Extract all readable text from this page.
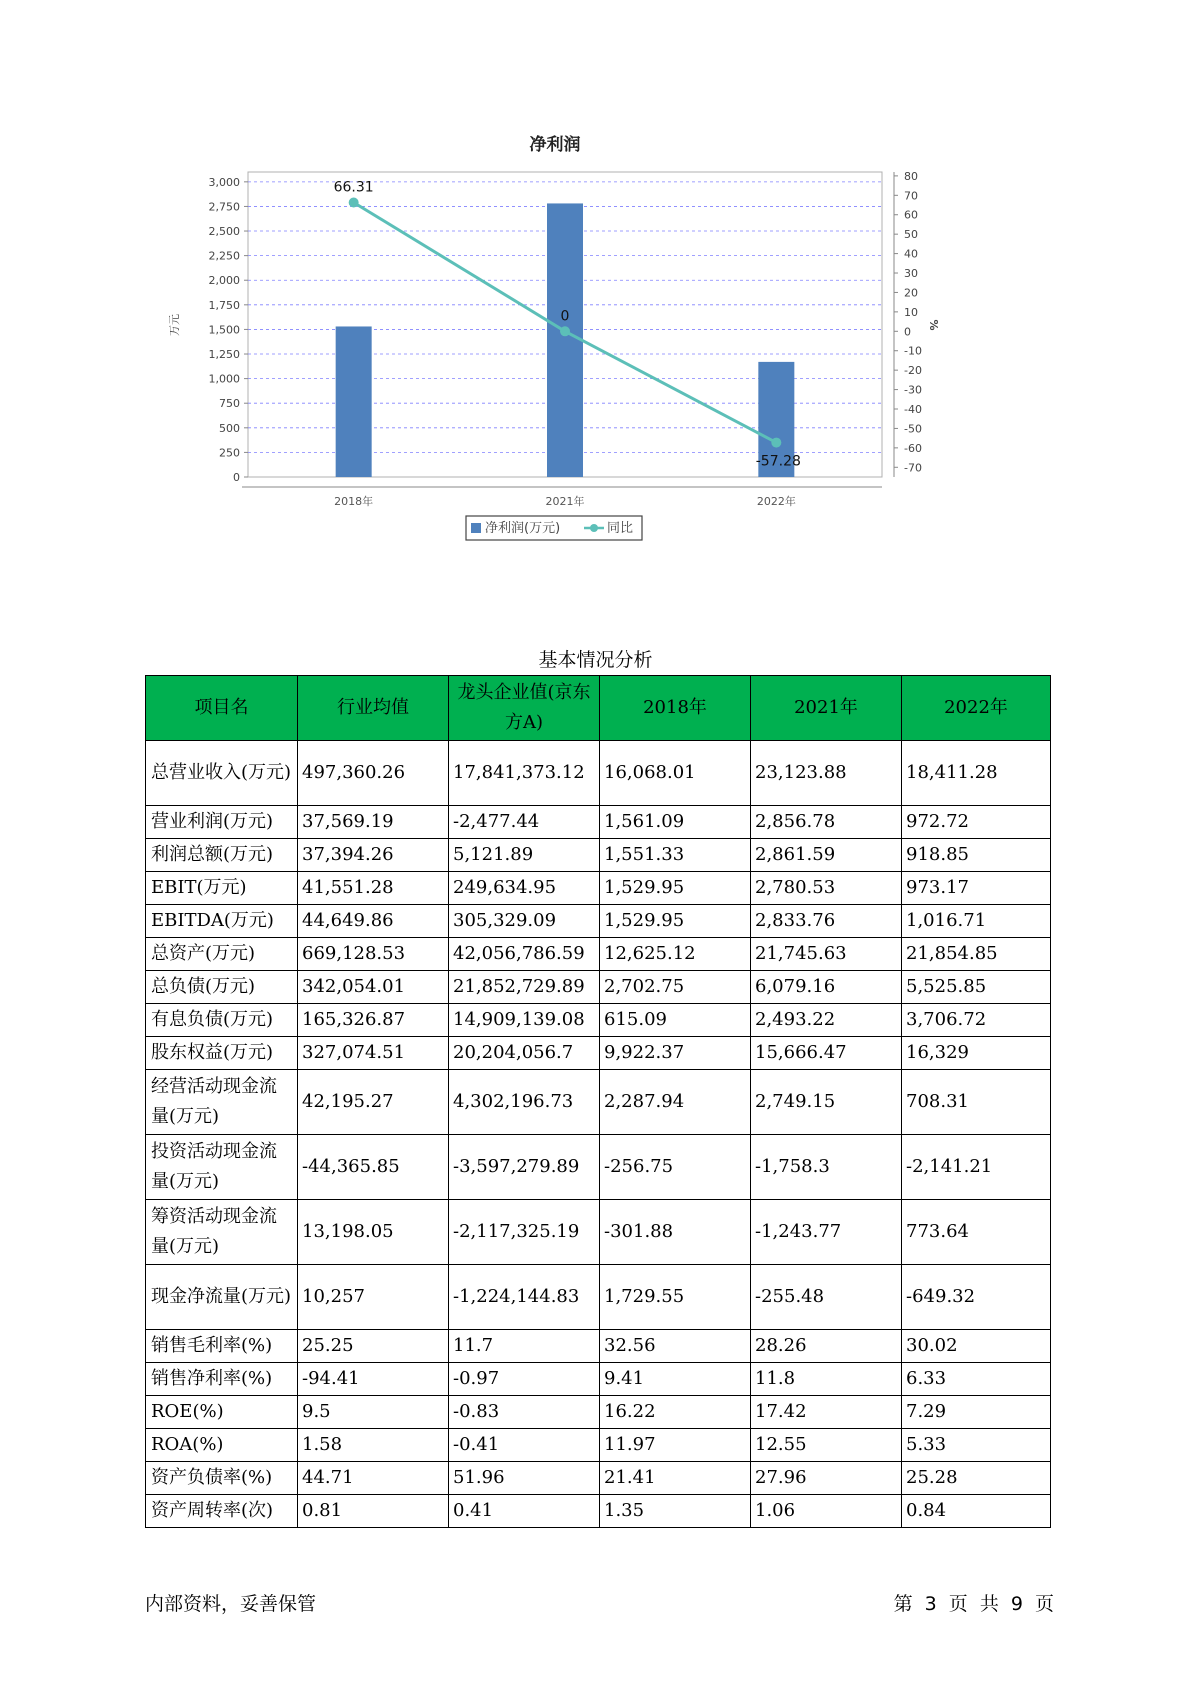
净利润
0
250
500
750
1,000
1,250
1,500
1,750
2,000
2,250
2,500
2,750
3,000
-70
-60
-50
-40
-30
-20
-10
0
10
20
30
40
50
60
70
80
万元	%
2018年	2021年	2022年
66.31
0
-57.28
净利润(万元)	同比
基本情况分析
项目名	行业均值	龙头企业值(京东方A)	2018年	2021年	2022年
总营业收入(万元)	497,360.26	17,841,373.12	16,068.01	23,123.88	18,411.28
营业利润(万元)	37,569.19	-2,477.44	1,561.09	2,856.78	972.72
利润总额(万元)	37,394.26	5,121.89	1,551.33	2,861.59	918.85
EBIT(万元)	41,551.28	249,634.95	1,529.95	2,780.53	973.17
EBITDA(万元)	44,649.86	305,329.09	1,529.95	2,833.76	1,016.71
总资产(万元)	669,128.53	42,056,786.59	12,625.12	21,745.63	21,854.85
总负债(万元)	342,054.01	21,852,729.89	2,702.75	6,079.16	5,525.85
有息负债(万元)	165,326.87	14,909,139.08	615.09	2,493.22	3,706.72
股东权益(万元)	327,074.51	20,204,056.7	9,922.37	15,666.47	16,329
经营活动现金流量(万元)	42,195.27	4,302,196.73	2,287.94	2,749.15	708.31
投资活动现金流量(万元)	-44,365.85	-3,597,279.89	-256.75	-1,758.3	-2,141.21
筹资活动现金流量(万元)	13,198.05	-2,117,325.19	-301.88	-1,243.77	773.64
现金净流量(万元)	10,257	-1,224,144.83	1,729.55	-255.48	-649.32
销售毛利率(%)	25.25	11.7	32.56	28.26	30.02
销售净利率(%)	-94.41	-0.97	9.41	11.8	6.33
ROE(%)	9.5	-0.83	16.22	17.42	7.29
ROA(%)	1.58	-0.41	11.97	12.55	5.33
资产负债率(%)	44.71	51.96	21.41	27.96	25.28
资产周转率(次)	0.81	0.41	1.35	1.06	0.84
内部资料，妥善保管	第 3 页 共 9 页
